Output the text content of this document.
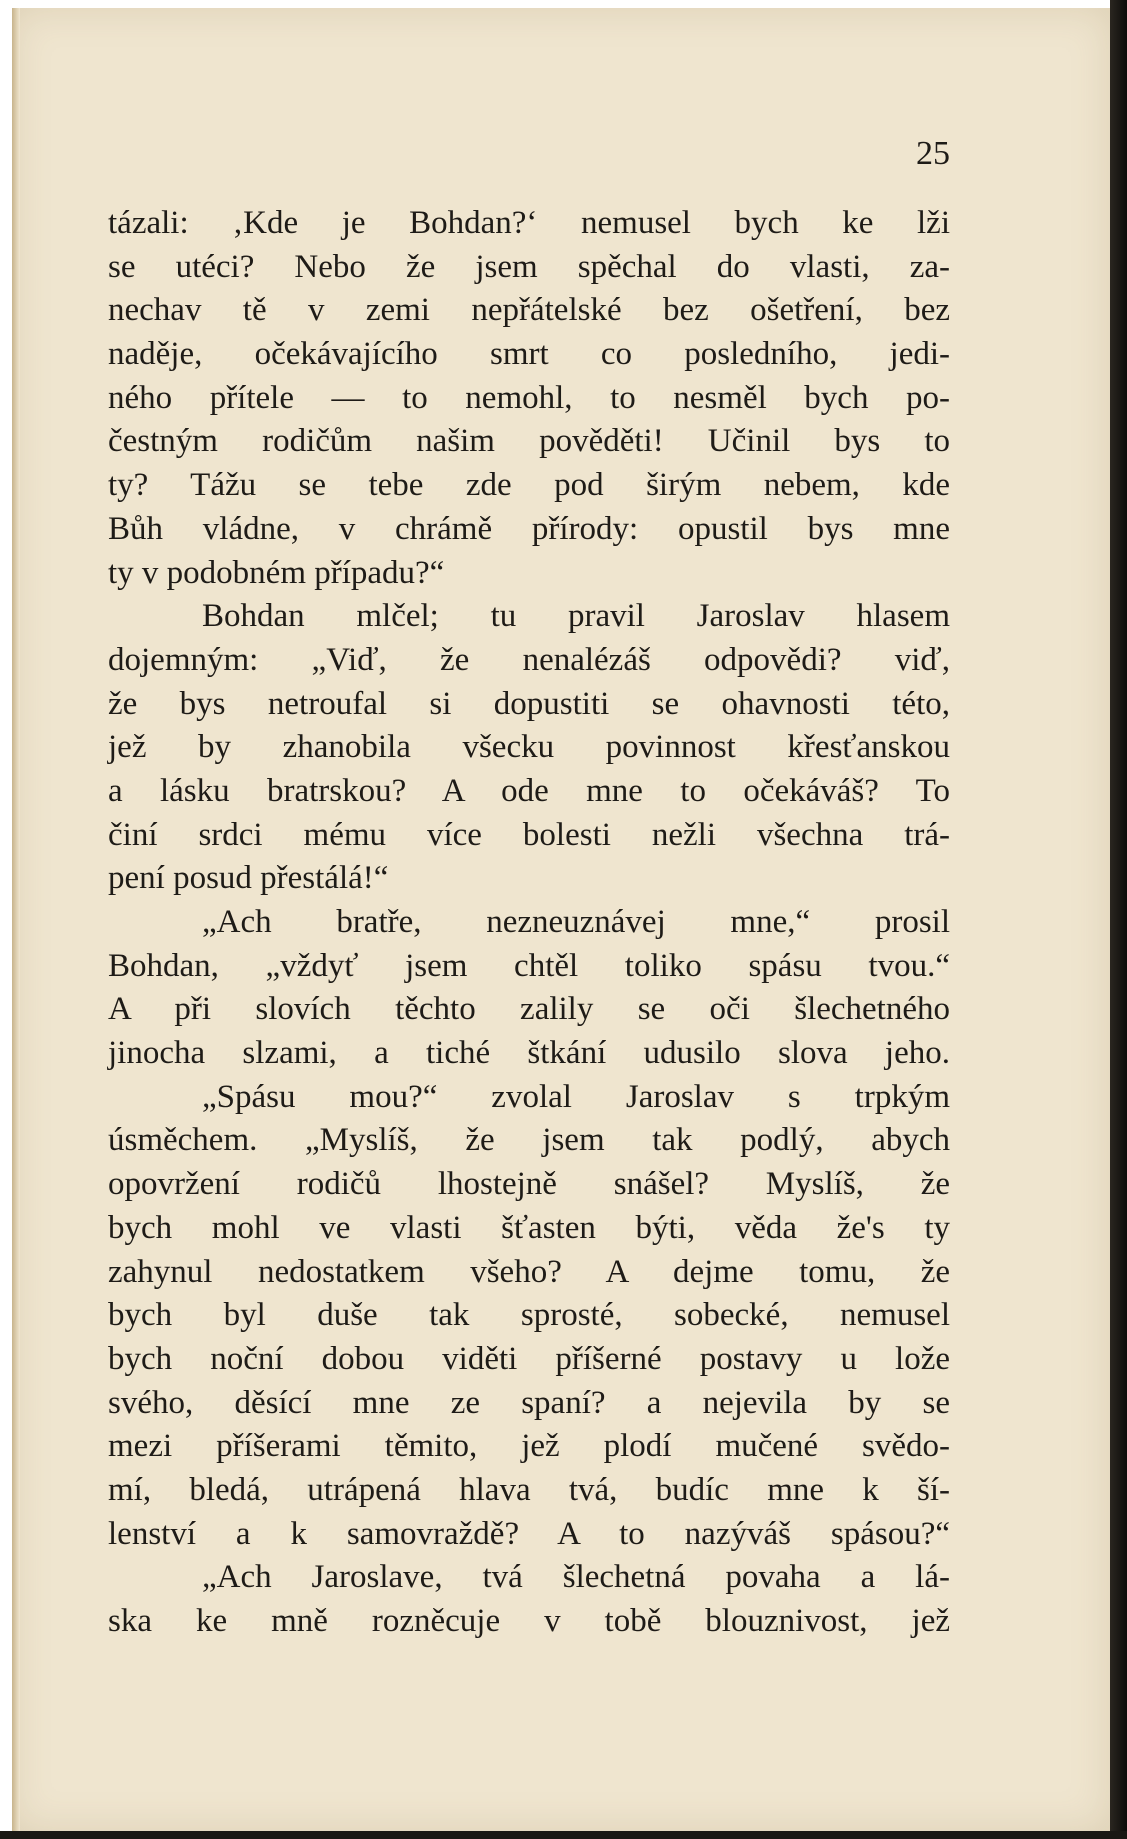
25
tázali: ‚Kde je Bohdan?‘ nemusel bych ke lži
se utéci? Nebo že jsem spěchal do vlasti, za-
nechav tě v zemi nepřátelské bez ošetření, bez
naděje, očekávajícího smrt co posledního, jedi-
ného přítele — to nemohl, to nesměl bych po-
čestným rodičům našim pověděti! Učinil bys to
ty? Tážu se tebe zde pod širým nebem, kde
Bůh vládne, v chrámě přírody: opustil bys mne
ty v podobném případu?“
Bohdan mlčel; tu pravil Jaroslav hlasem
dojemným: „Viď, že nenalézáš odpovědi? viď,
že bys netroufal si dopustiti se ohavnosti této,
jež by zhanobila všecku povinnost křesťanskou
a lásku bratrskou? A ode mne to očekáváš? To
činí srdci mému více bolesti nežli všechna trá-
pení posud přestálá!“
„Ach bratře, nezneuznávej mne,“ prosil
Bohdan, „vždyť jsem chtěl toliko spásu tvou.“
A při slovích těchto zalily se oči šlechetného
jinocha slzami, a tiché štkání udusilo slova jeho.
„Spásu mou?“ zvolal Jaroslav s trpkým
úsměchem. „Myslíš, že jsem tak podlý, abych
opovržení rodičů lhostejně snášel? Myslíš, že
bych mohl ve vlasti šťasten býti, věda že's ty
zahynul nedostatkem všeho? A dejme tomu, že
bych byl duše tak sprosté, sobecké, nemusel
bych noční dobou viděti příšerné postavy u lože
svého, děsící mne ze spaní? a nejevila by se
mezi příšerami těmito, jež plodí mučené svědo-
mí, bledá, utrápená hlava tvá, budíc mne k ší-
lenství a k samovraždě? A to nazýváš spásou?“
„Ach Jaroslave, tvá šlechetná povaha a lá-
ska ke mně rozněcuje v tobě blouznivost, jež
